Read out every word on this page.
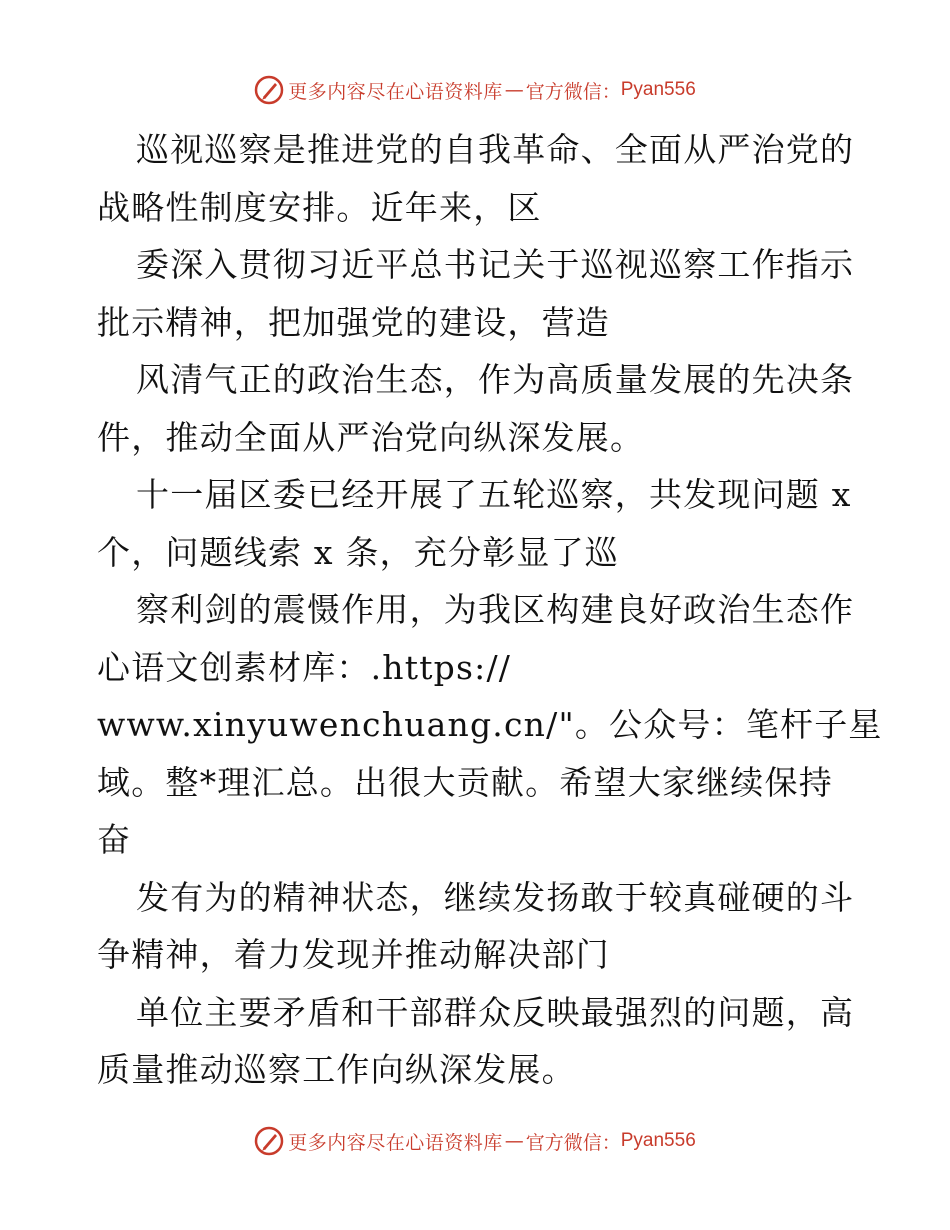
更多内容尽在心语资料库 — 官方微信： Pyan556
巡视巡察是推进党的自我革命、全面从严治党的
战略性制度安排。近年来，区
委深入贯彻习近平总书记关于巡视巡察工作指示
批示精神，把加强党的建设，营造
风清气正的政治生态，作为高质量发展的先决条
件，推动全面从严治党向纵深发展。
十一届区委已经开展了五轮巡察，共发现问题 x
个，问题线索 x 条，充分彰显了巡
察利剑的震慑作用，为我区构建良好政治生态作
心语文创素材库：.https://
www.xinyuwenchuang.cn/"。公众号：笔杆子星
域。整*理汇总。出很大贡献。希望大家继续保持
奋
发有为的精神状态，继续发扬敢于较真碰硬的斗
争精神，着力发现并推动解决部门
单位主要矛盾和干部群众反映最强烈的问题，高
质量推动巡察工作向纵深发展。
更多内容尽在心语资料库 — 官方微信： Pyan556
